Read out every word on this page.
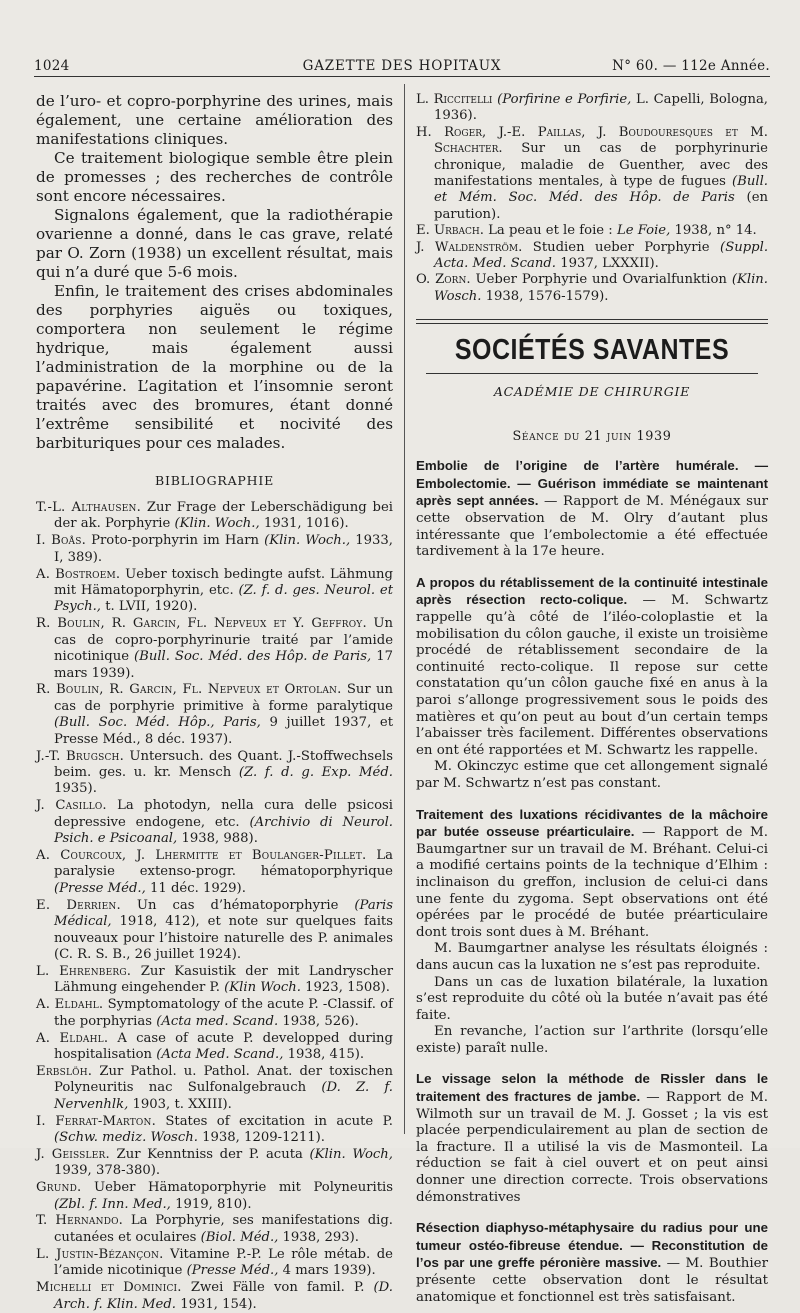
1024	GAZETTE DES HOPITAUX	N° 60. — 112e Année.

de l’uro- et copro-porphyrine des urines, mais également, une certaine amélioration des manifestations cliniques.

Ce traitement biologique semble être plein de promesses ; des recherches de contrôle sont encore nécessaires.

Signalons également, que la radiothérapie ovarienne a donné, dans le cas grave, relaté par O. Zorn (1938) un excellent résultat, mais qui n’a duré que 5-6 mois.

Enfin, le traitement des crises abdominales des porphyries aiguës ou toxiques, comportera non seulement le régime hydrique, mais également aussi l’administration de la morphine ou de la papavérine. L’agitation et l’insomnie seront traités avec des bromures, étant donné l’extrême sensibilité et nocivité des barbituriques pour ces malades.

BIBLIOGRAPHIE

T.-L. Althausen. Zur Frage der Leberschädigung bei der ak. Porphyrie (Klin. Woch., 1931, 1016).

I. Boås. Proto-porphyrin im Harn (Klin. Woch., 1933, I, 389).

A. Bostroem. Ueber toxisch bedingte aufst. Lähmung mit Hämatoporphyrin, etc. (Z. f. d. ges. Neurol. et Psych., t. LVII, 1920).

R. Boulin, R. Garcin, Fl. Nepveux et Y. Geffroy. Un cas de copro-porphyrinurie traité par l’amide nicotinique (Bull. Soc. Méd. des Hôp. de Paris, 17 mars 1939).

R. Boulin, R. Garcin, Fl. Nepveux et Ortolan. Sur un cas de porphyrie primitive à forme paralytique (Bull. Soc. Méd. Hôp., Paris, 9 juillet 1937, et Presse Méd., 8 déc. 1937).

J.-T. Brugsch. Untersuch. des Quant. J.-Stoffwechsels beim. ges. u. kr. Mensch (Z. f. d. g. Exp. Méd. 1935).

J. Casillo. La photodyn, nella cura delle psicosi depressive endogene, etc. (Archivio di Neurol. Psich. e Psicoanal, 1938, 988).

A. Courcoux, J. Lhermitte et Boulanger-Pillet. La paralysie extenso-progr. hématoporphyrique (Presse Méd., 11 déc. 1929).

E. Derrien. Un cas d’hématoporphyrie (Paris Médical, 1918, 412), et note sur quelques faits nouveaux pour l’histoire naturelle des P. animales (C. R. S. B., 26 juillet 1924).

L. Ehrenberg. Zur Kasuistik der mit Landryscher Lähmung eingehender P. (Klin Woch. 1923, 1508).

A. Eldahl. Symptomatology of the acute P. -Classif. of the porphyrias (Acta med. Scand. 1938, 526).

A. Eldahl. A case of acute P. developped during hospitalisation (Acta Med. Scand., 1938, 415).

Erbslöh. Zur Pathol. u. Pathol. Anat. der toxischen Polyneuritis nac Sulfonalgebrauch (D. Z. f. Nervenhlk, 1903, t. XXIII).

I. Ferrat-Marton. States of excitation in acute P. (Schw. mediz. Wosch. 1938, 1209-1211).

J. Geissler. Zur Kenntniss der P. acuta (Klin. Woch, 1939, 378-380).

Grund. Ueber Hämatoporphyrie mit Polyneuritis (Zbl. f. Inn. Med., 1919, 810).

T. Hernando. La Porphyrie, ses manifestations dig. cutanées et oculaires (Biol. Méd., 1938, 293).

L. Justin-Bézançon. Vitamine P.-P. Le rôle métab. de l’amide nicotinique (Presse Méd., 4 mars 1939).

Michelli et Dominici. Zwei Fälle von famil. P. (D. Arch. f. Klin. Med. 1931, 154).

L. Riccitelli (Porfirine e Porfirie, L. Capelli, Bologna, 1936).

H. Roger, J.-E. Paillas, J. Boudouresques et M. Schachter. Sur un cas de porphyrinurie chronique, maladie de Guenther, avec des manifestations mentales, à type de fugues (Bull. et Mém. Soc. Méd. des Hôp. de Paris (en parution).

E. Urbach. La peau et le foie : Le Foie, 1938, n° 14.

J. Waldenström. Studien ueber Porphyrie (Suppl. Acta. Med. Scand. 1937, LXXXII).

O. Zorn. Ueber Porphyrie und Ovarialfunktion (Klin. Wosch. 1938, 1576-1579).

SOCIÉTÉS SAVANTES
ACADÉMIE DE CHIRURGIE
Séance du 21 juin 1939

Embolie de l’origine de l’artère humérale. — Embolectomie. — Guérison immédiate se maintenant après sept années. — Rapport de M. Ménégaux sur cette observation de M. Olry d’autant plus intéressante que l’embolectomie a été effectuée tardivement à la 17e heure.

A propos du rétablissement de la continuité intestinale après résection recto-colique. — M. Schwartz rappelle qu’à côté de l’iléo-coloplastie et la mobilisation du côlon gauche, il existe un troisième procédé de rétablissement secondaire de la continuité recto-colique. Il repose sur cette constatation qu’un côlon gauche fixé en anus à la paroi s’allonge progressivement sous le poids des matières et qu’on peut au bout d’un certain temps l’abaisser très facilement. Différentes observations en ont été rapportées et M. Schwartz les rappelle.

M. Okinczyc estime que cet allongement signalé par M. Schwartz n’est pas constant.

Traitement des luxations récidivantes de la mâchoire par butée osseuse préarticulaire. — Rapport de M. Baumgartner sur un travail de M. Bréhant. Celui-ci a modifié certains points de la technique d’Elhim : inclinaison du greffon, inclusion de celui-ci dans une fente du zygoma. Sept observations ont été opérées par le procédé de butée préarticulaire dont trois sont dues à M. Bréhant.

M. Baumgartner analyse les résultats éloignés : dans aucun cas la luxation ne s’est pas reproduite.

Dans un cas de luxation bilatérale, la luxation s’est reproduite du côté où la butée n’avait pas été faite.

En revanche, l’action sur l’arthrite (lorsqu’elle existe) paraît nulle.

Le vissage selon la méthode de Rissler dans le traitement des fractures de jambe. — Rapport de M. Wilmoth sur un travail de M. J. Gosset ; la vis est placée perpendiculairement au plan de section de la fracture. Il a utilisé la vis de Masmonteil. La réduction se fait à ciel ouvert et on peut ainsi donner une direction correcte. Trois observations démonstratives

Résection diaphyso-métaphysaire du radius pour une tumeur ostéo-fibreuse étendue. — Reconstitution de l’os par une greffe péronière massive. — M. Bouthier présente cette observation dont le résultat anatomique et fonctionnel est très satisfaisant.
